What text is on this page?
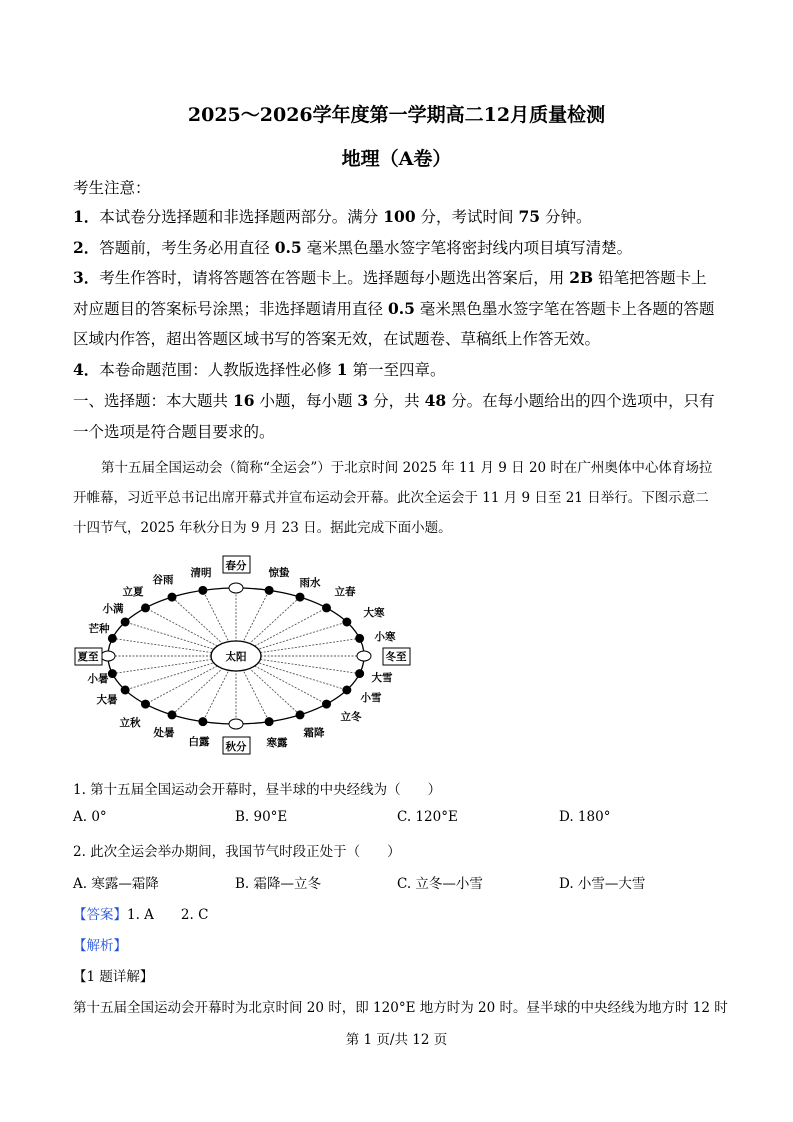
2025～2026学年度第一学期高二12月质量检测
地理（A卷）
考生注意：
1．本试卷分选择题和非选择题两部分。满分 100 分，考试时间 75 分钟。
2．答题前，考生务必用直径 0.5 毫米黑色墨水签字笔将密封线内项目填写清楚。
3．考生作答时，请将答题答在答题卡上。选择题每小题选出答案后，用 2B 铅笔把答题卡上
对应题目的答案标号涂黑；非选择题请用直径 0.5 毫米黑色墨水签字笔在答题卡上各题的答题
区域内作答，超出答题区域书写的答案无效，在试题卷、草稿纸上作答无效。
4．本卷命题范围：人教版选择性必修 1 第一至四章。
一、选择题：本大题共 16 小题，每小题 3 分，共 48 分。在每小题给出的四个选项中，只有
一个选项是符合题目要求的。
第十五届全国运动会（简称“全运会”）于北京时间 2025 年 11 月 9 日 20 时在广州奥体中心体育场拉
开帷幕，习近平总书记出席开幕式并宣布运动会开幕。此次全运会于 11 月 9 日至 21 日举行。下图示意二
十四节气，2025 年秋分日为 9 月 23 日。据此完成下面小题。
太阳
春分
清明
谷雨
立夏
小满
芒种
夏至
小暑
大暑
立秋
处暑
白露 秋分 寒露
霜降
立冬
小雪
大雪
冬至
小寒
大寒
立春
雨水
惊蛰
1. 第十五届全国运动会开幕时，昼半球的中央经线为（　　）
A. 0°	B. 90°E	C. 120°E	D. 180°
2. 此次全运会举办期间，我国节气时段正处于（　　）
A. 寒露—霜降	B. 霜降—立冬	C. 立冬—小雪	D. 小雪—大雪
【答案】1. A　　2. C
【解析】
【1 题详解】
第十五届全国运动会开幕时为北京时间 20 时，即 120°E 地方时为 20 时。昼半球的中央经线为地方时 12 时
第 1 页/共 12 页
